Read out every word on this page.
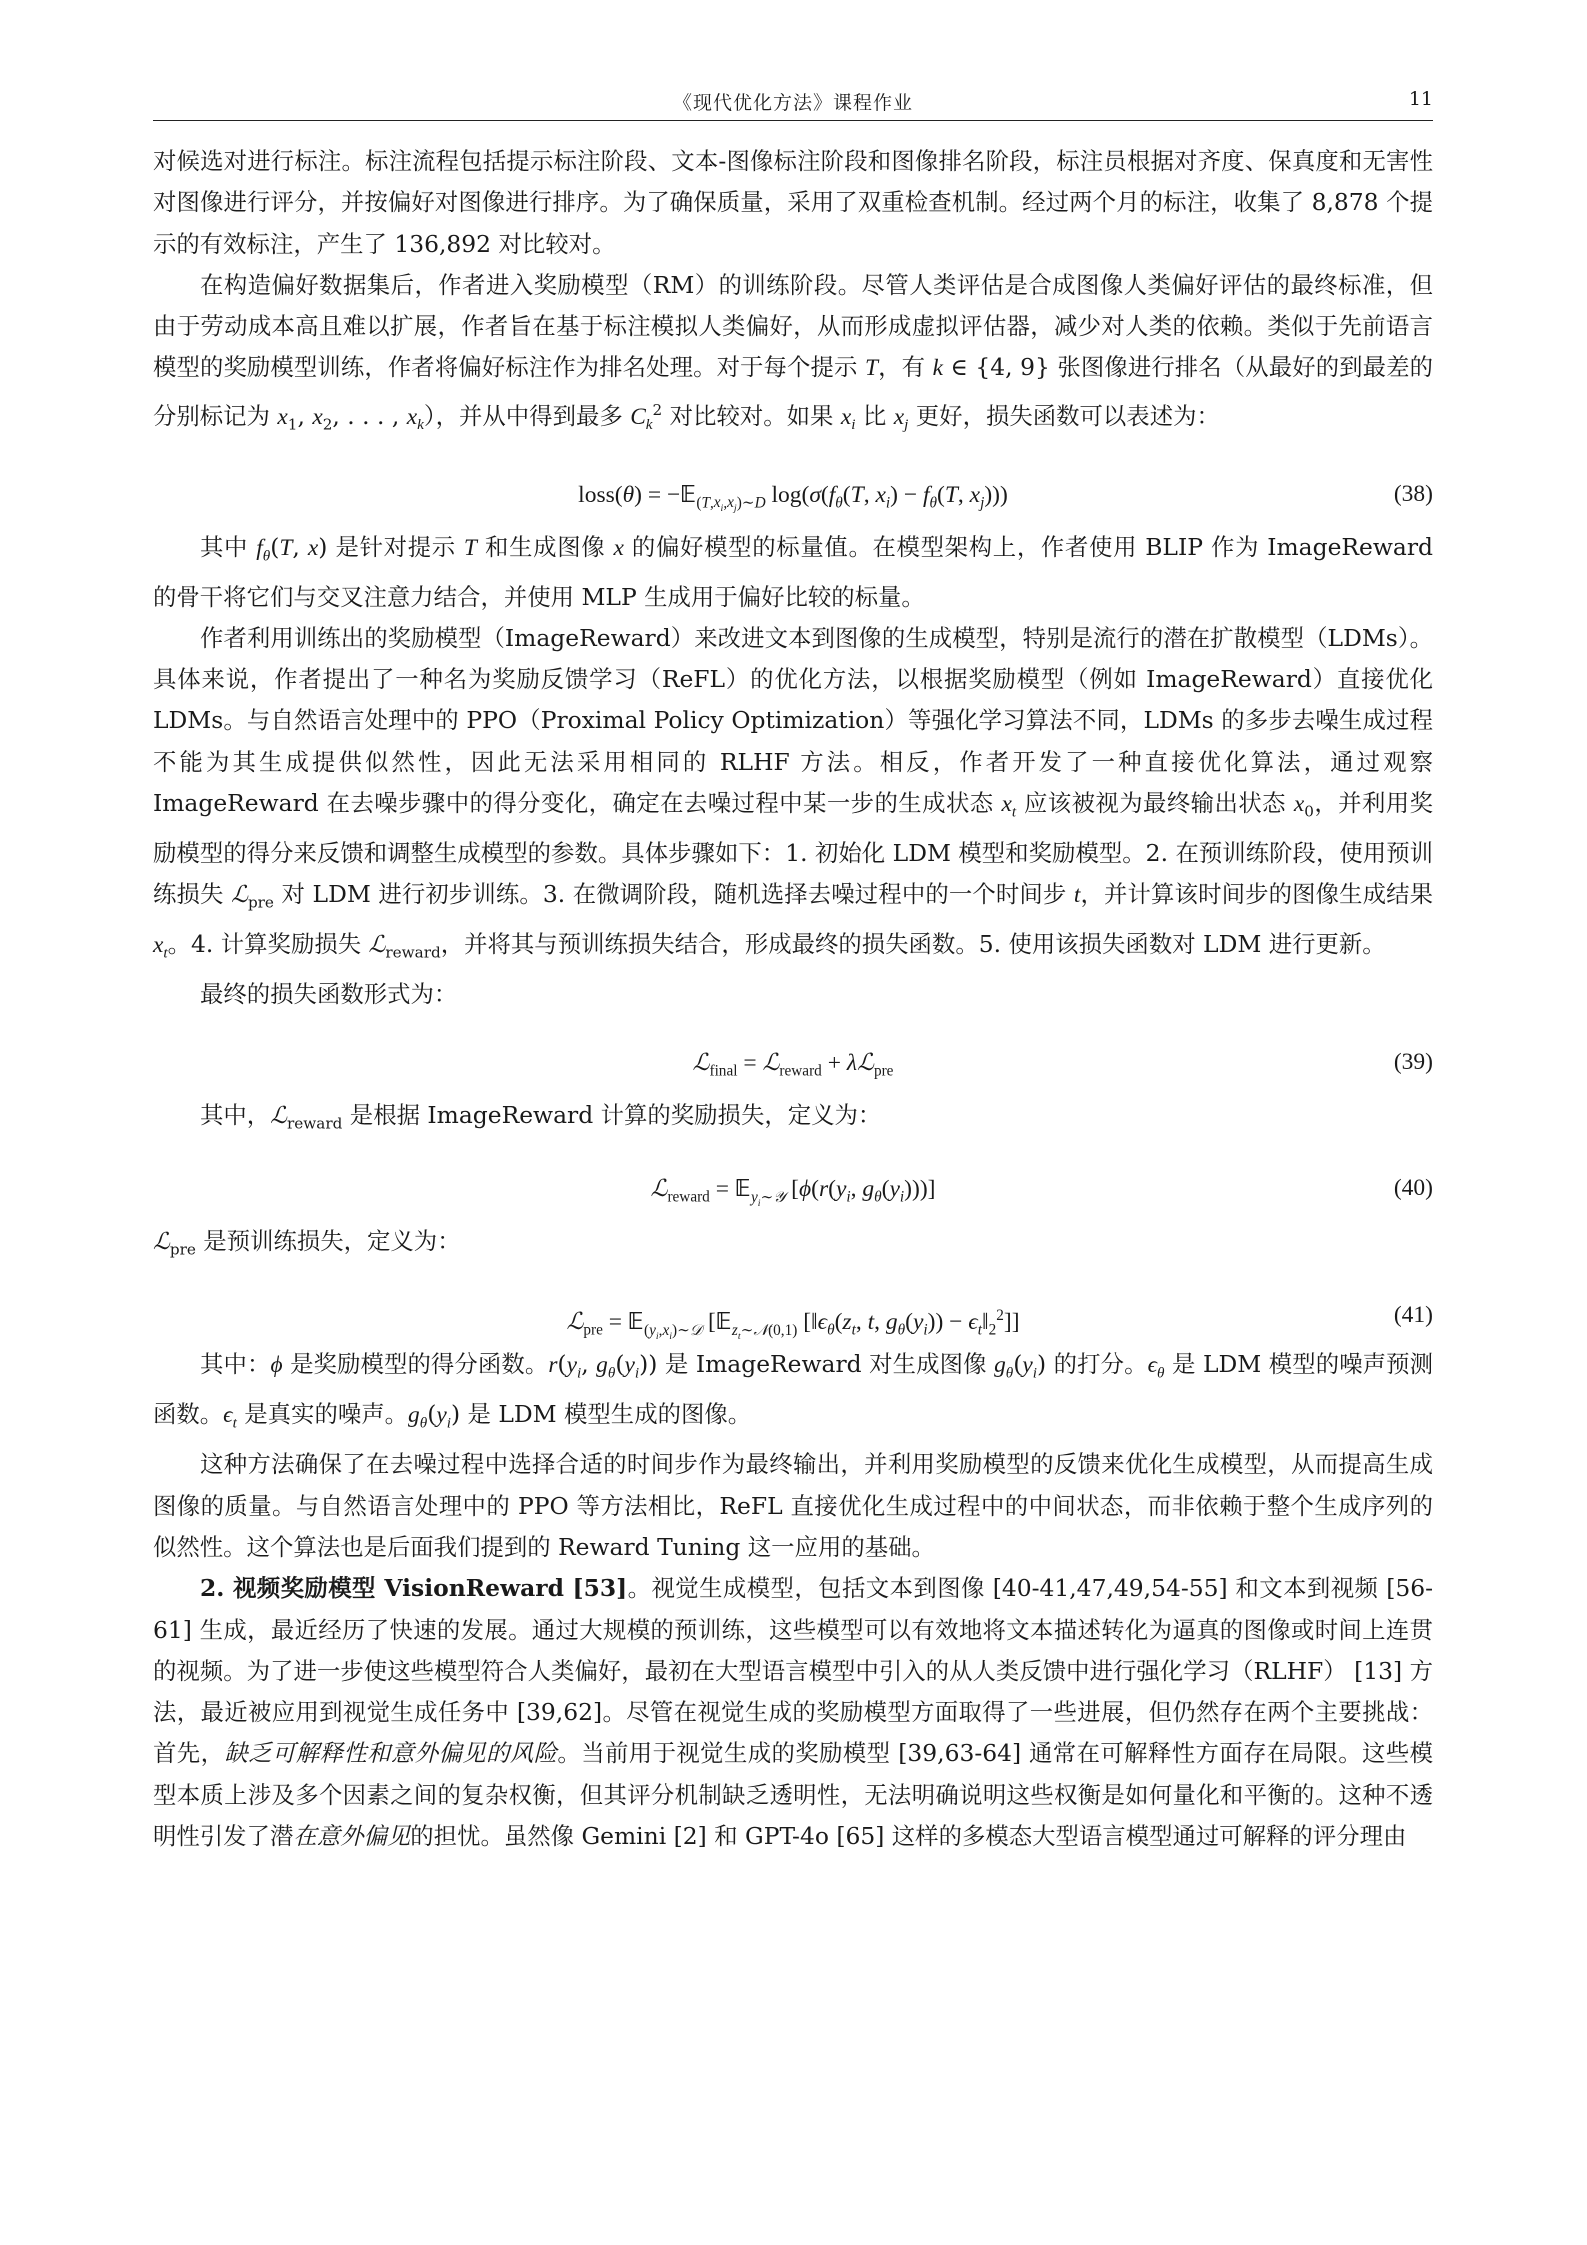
《现代优化方法》课程作业	11

对候选对进行标注。标注流程包括提示标注阶段、文本-图像标注阶段和图像排名阶段，标注员根据对齐度、保真度和无害性对图像进行评分，并按偏好对图像进行排序。为了确保质量，采用了双重检查机制。经过两个月的标注，收集了 8,878 个提示的有效标注，产生了 136,892 对比较对。

在构造偏好数据集后，作者进入奖励模型（RM）的训练阶段。尽管人类评估是合成图像人类偏好评估的最终标准，但由于劳动成本高且难以扩展，作者旨在基于标注模拟人类偏好，从而形成虚拟评估器，减少对人类的依赖。类似于先前语言模型的奖励模型训练，作者将偏好标注作为排名处理。对于每个提示 T，有 k ∈ {4, 9} 张图像进行排名（从最好的到最差的分别标记为 $x_1$, $x_2$, . . . , $x_k$），并从中得到最多 $C_k^2$ 对比较对。如果 $x_i$ 比 $x_j$ 更好，损失函数可以表述为：

loss(θ) = −𝔼$_{(T,x_i,x_j)\sim D}$ $\log(\sigma(f_\theta(T$, $x_i) - f_\theta(T$, $x_j$)))	(38)

其中 $f_\theta(T$, x) 是针对提示 T 和生成图像 x 的偏好模型的标量值。在模型架构上，作者使用 BLIP 作为 ImageReward 的骨干将它们与交叉注意力结合，并使用 MLP 生成用于偏好比较的标量。

作者利用训练出的奖励模型（ImageReward）来改进文本到图像的生成模型，特别是流行的潜在扩散模型（LDMs）。具体来说，作者提出了一种名为奖励反馈学习（ReFL）的优化方法，以根据奖励模型（例如 ImageReward）直接优化 LDMs。与自然语言处理中的 PPO（Proximal Policy Optimization）等强化学习算法不同，LDMs 的多步去噪生成过程不能为其生成提供似然性，因此无法采用相同的 RLHF 方法。相反，作者开发了一种直接优化算法，通过观察 ImageReward 在去噪步骤中的得分变化，确定在去噪过程中某一步的生成状态 $x_t$ 应该被视为最终输出状态 $x_0$，并利用奖励模型的得分来反馈和调整生成模型的参数。具体步骤如下：1. 初始化 LDM 模型和奖励模型。2. 在预训练阶段，使用预训练损失 ℒ$_{pre}$ 对 LDM 进行初步训练。3. 在微调阶段，随机选择去噪过程中的一个时间步 t，并计算该时间步的图像生成结果 $x_t$。4. 计算奖励损失 ℒ$_{reward}$，并将其与预训练损失结合，形成最终的损失函数。5. 使用该损失函数对 LDM 进行更新。

最终的损失函数形式为：

ℒ$_{final}$ = ℒ$_{reward}$ + λℒ$_{pre}$	(39)

其中，ℒ$_{reward}$ 是根据 ImageReward 计算的奖励损失，定义为：

ℒ$_{reward}$ = 𝔼$_{y_i\sim 𝒴}$ [$\phi(r(y_i$, $g_\theta(y_i)$))]	(40)

ℒ$_{pre}$ 是预训练损失，定义为：

ℒ$_{pre}$ = 𝔼$_{(y_i,x_i)\sim 𝒟}$ [𝔼$_{z_t\sim 𝒩(0,1)}$ [$‖\epsilon_\theta(z_t$, t, $g_\theta(y_i)$) − $\epsilon_t‖_2^2$]]	(41)

其中：ϕ 是奖励模型的得分函数。$r(y_i$, $g_\theta(y_i)$) 是 ImageReward 对生成图像 $g_\theta(y_i)$ 的打分。$\epsilon_\theta$ 是 LDM 模型的噪声预测函数。$\epsilon_t$ 是真实的噪声。$g_\theta(y_i)$ 是 LDM 模型生成的图像。

这种方法确保了在去噪过程中选择合适的时间步作为最终输出，并利用奖励模型的反馈来优化生成模型，从而提高生成图像的质量。与自然语言处理中的 PPO 等方法相比，ReFL 直接优化生成过程中的中间状态，而非依赖于整个生成序列的似然性。这个算法也是后面我们提到的 Reward Tuning 这一应用的基础。

2. 视频奖励模型 VisionReward [53]。视觉生成模型，包括文本到图像 [40-41,47,49,54-55] 和文本到视频 [56-61] 生成，最近经历了快速的发展。通过大规模的预训练，这些模型可以有效地将文本描述转化为逼真的图像或时间上连贯的视频。为了进一步使这些模型符合人类偏好，最初在大型语言模型中引入的从人类反馈中进行强化学习（RLHF） [13] 方法，最近被应用到视觉生成任务中 [39,62]。尽管在视觉生成的奖励模型方面取得了一些进展，但仍然存在两个主要挑战：首先，缺乏可解释性和意外偏见的风险。当前用于视觉生成的奖励模型 [39,63-64] 通常在可解释性方面存在局限。这些模型本质上涉及多个因素之间的复杂权衡，但其评分机制缺乏透明性，无法明确说明这些权衡是如何量化和平衡的。这种不透明性引发了潜在意外偏见的担忧。虽然像 Gemini [2] 和 GPT-4o [65] 这样的多模态大型语言模型通过可解释的评分理由
